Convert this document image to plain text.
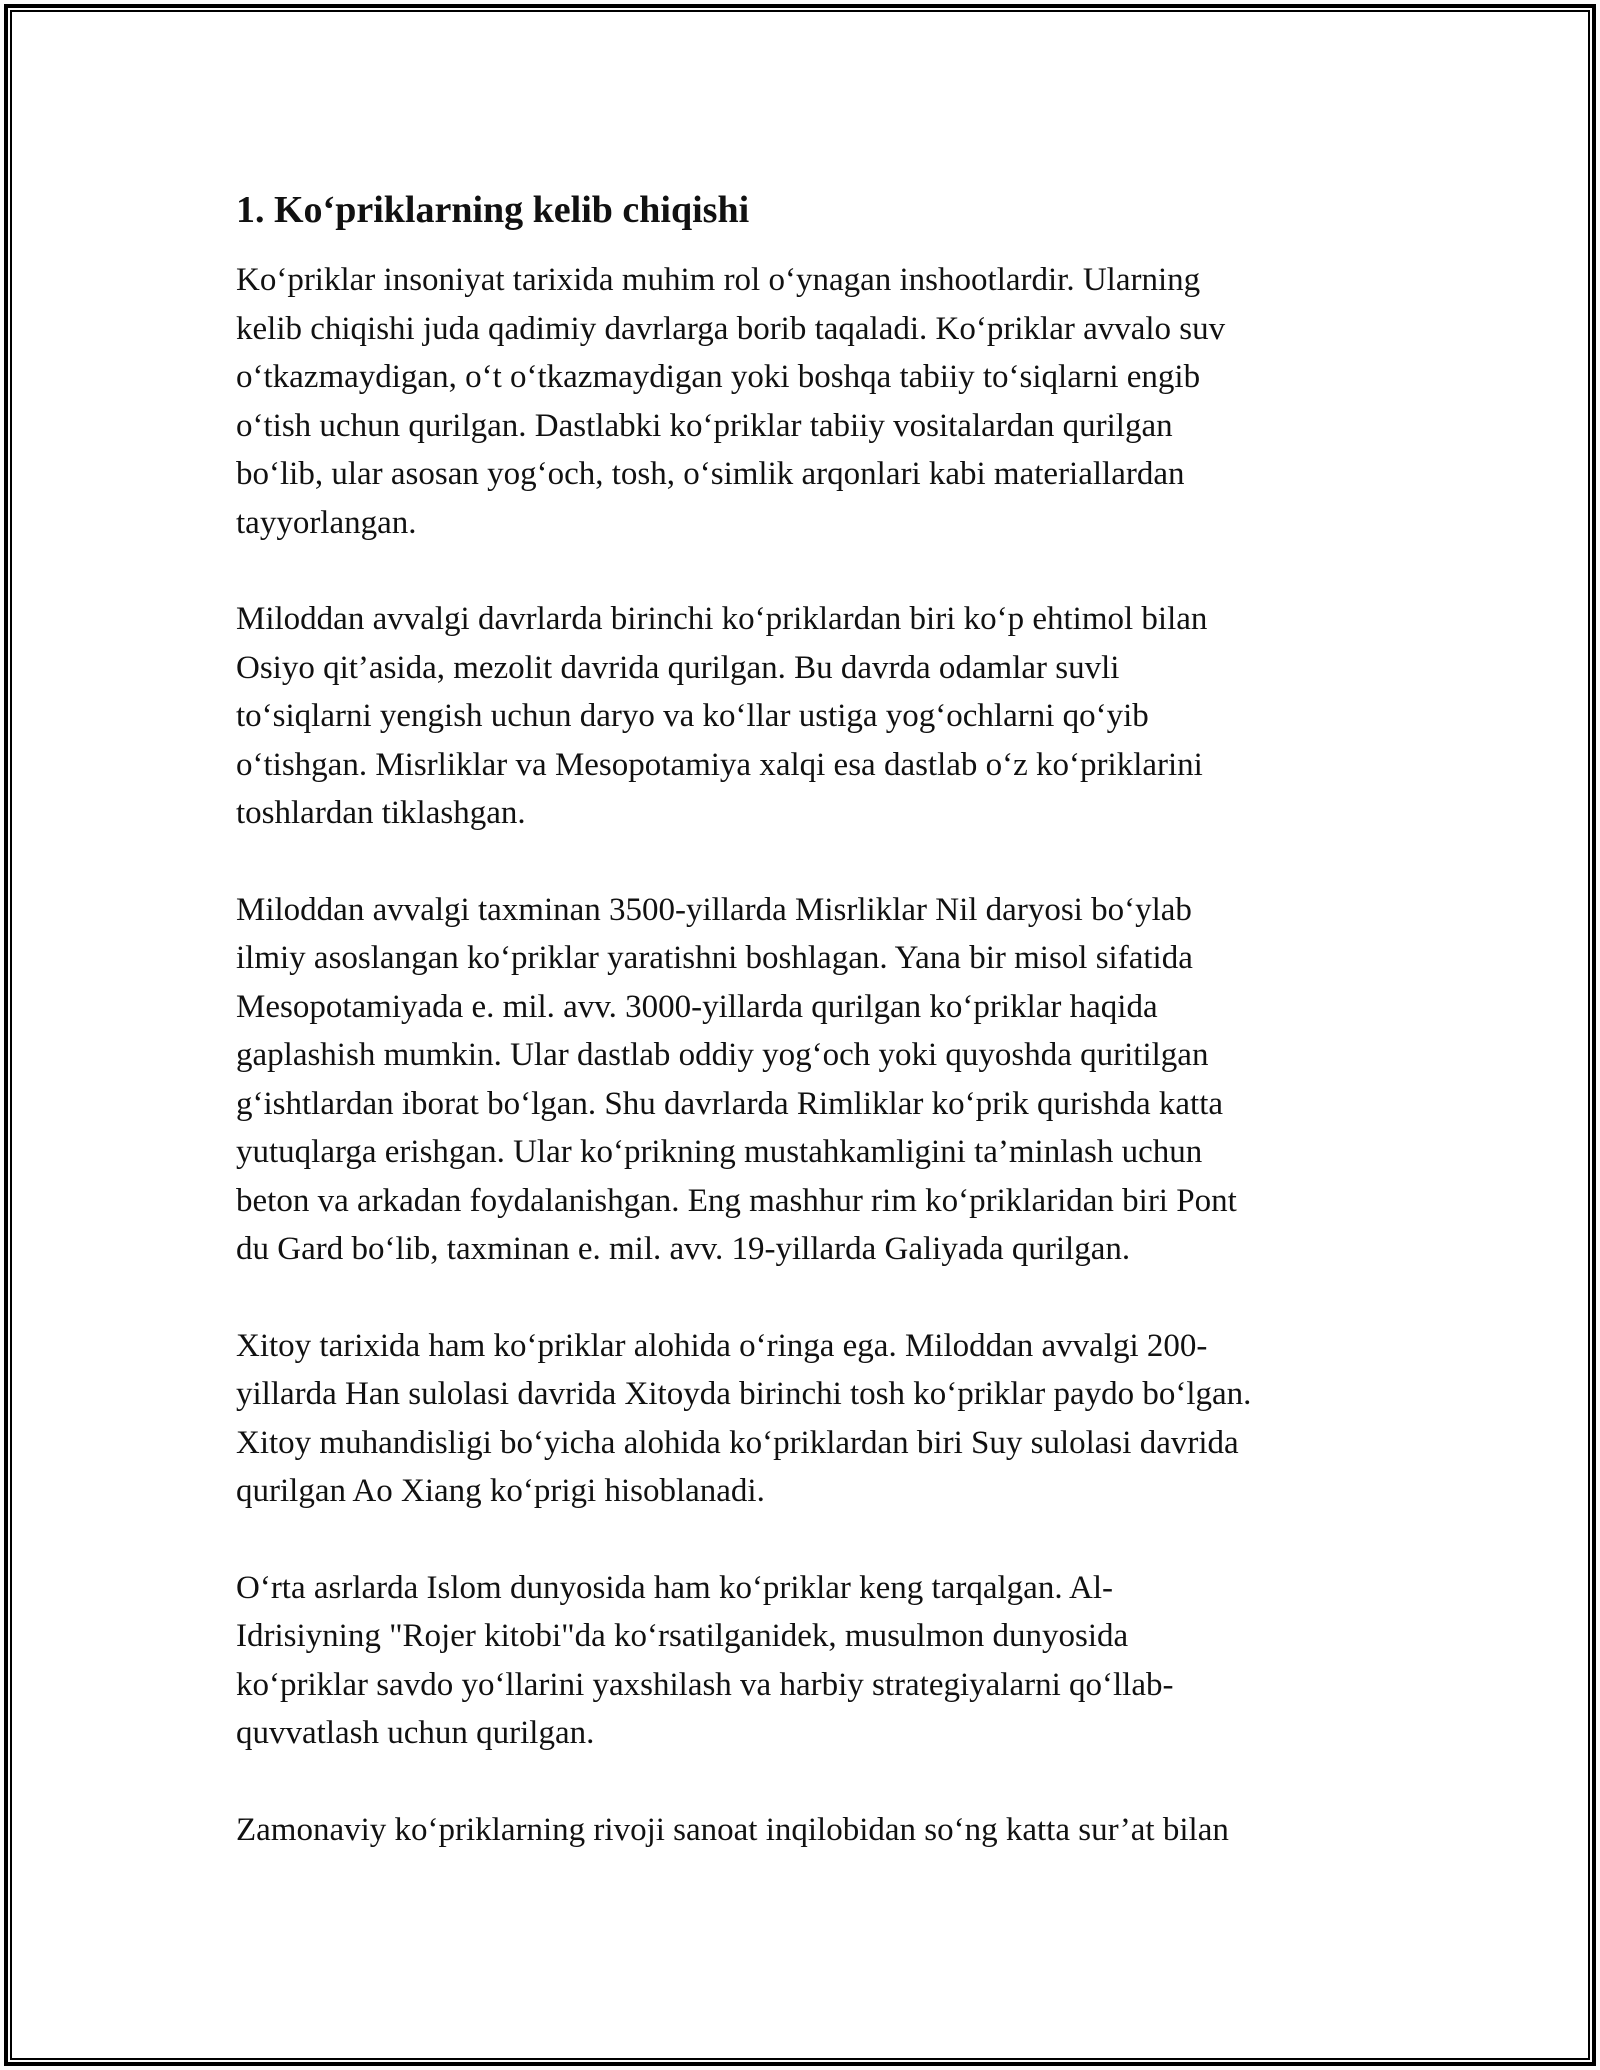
1. Ko‘priklarning kelib chiqishi

Ko‘priklar insoniyat tarixida muhim rol o‘ynagan inshootlardir. Ularning
kelib chiqishi juda qadimiy davrlarga borib taqaladi. Ko‘priklar avvalo suv
o‘tkazmaydigan, o‘t o‘tkazmaydigan yoki boshqa tabiiy to‘siqlarni engib
o‘tish uchun qurilgan. Dastlabki ko‘priklar tabiiy vositalardan qurilgan
bo‘lib, ular asosan yog‘och, tosh, o‘simlik arqonlari kabi materiallardan
tayyorlangan.

Miloddan avvalgi davrlarda birinchi ko‘priklardan biri ko‘p ehtimol bilan
Osiyo qit’asida, mezolit davrida qurilgan. Bu davrda odamlar suvli
to‘siqlarni yengish uchun daryo va ko‘llar ustiga yog‘ochlarni qo‘yib
o‘tishgan. Misrliklar va Mesopotamiya xalqi esa dastlab o‘z ko‘priklarini
toshlardan tiklashgan.

Miloddan avvalgi taxminan 3500-yillarda Misrliklar Nil daryosi bo‘ylab
ilmiy asoslangan ko‘priklar yaratishni boshlagan. Yana bir misol sifatida
Mesopotamiyada e. mil. avv. 3000-yillarda qurilgan ko‘priklar haqida
gaplashish mumkin. Ular dastlab oddiy yog‘och yoki quyoshda quritilgan
g‘ishtlardan iborat bo‘lgan. Shu davrlarda Rimliklar ko‘prik qurishda katta
yutuqlarga erishgan. Ular ko‘prikning mustahkamligini ta’minlash uchun
beton va arkadan foydalanishgan. Eng mashhur rim ko‘priklaridan biri Pont
du Gard bo‘lib, taxminan e. mil. avv. 19-yillarda Galiyada qurilgan.

Xitoy tarixida ham ko‘priklar alohida o‘ringa ega. Miloddan avvalgi 200-
yillarda Han sulolasi davrida Xitoyda birinchi tosh ko‘priklar paydo bo‘lgan.
Xitoy muhandisligi bo‘yicha alohida ko‘priklardan biri Suy sulolasi davrida
qurilgan Ao Xiang ko‘prigi hisoblanadi.

O‘rta asrlarda Islom dunyosida ham ko‘priklar keng tarqalgan. Al-
Idrisiyning "Rojer kitobi"da ko‘rsatilganidek, musulmon dunyosida
ko‘priklar savdo yo‘llarini yaxshilash va harbiy strategiyalarni qo‘llab-
quvvatlash uchun qurilgan.

Zamonaviy ko‘priklarning rivoji sanoat inqilobidan so‘ng katta sur’at bilan
